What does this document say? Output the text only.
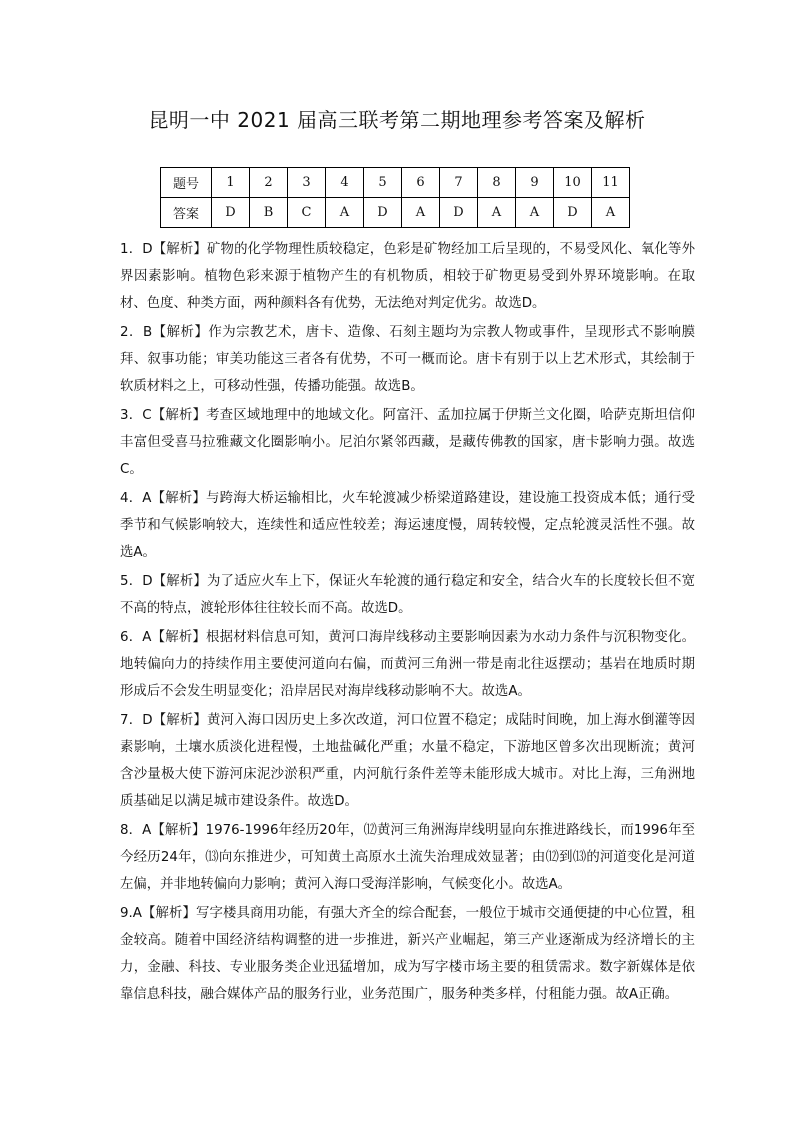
昆明一中 2021 届高三联考第二期地理参考答案及解析
题号	1	2	3	4	5	6	7	8	9	10	11
答案	D	B	C	A	D	A	D	A	A	D	A

1．D【解析】矿物的化学物理性质较稳定，色彩是矿物经加工后呈现的，不易受风化、氧化等外界因素影响。植物色彩来源于植物产生的有机物质，相较于矿物更易受到外界环境影响。在取材、色度、种类方面，两种颜料各有优势，无法绝对判定优劣。故选D。

2．B【解析】作为宗教艺术，唐卡、造像、石刻主题均为宗教人物或事件，呈现形式不影响膜拜、叙事功能；审美功能这三者各有优势，不可一概而论。唐卡有别于以上艺术形式，其绘制于软质材料之上，可移动性强，传播功能强。故选B。

3．C【解析】考查区域地理中的地域文化。阿富汗、孟加拉属于伊斯兰文化圈，哈萨克斯坦信仰丰富但受喜马拉雅藏文化圈影响小。尼泊尔紧邻西藏，是藏传佛教的国家，唐卡影响力强。故选C。

4．A【解析】与跨海大桥运输相比，火车轮渡减少桥梁道路建设，建设施工投资成本低；通行受季节和气候影响较大，连续性和适应性较差；海运速度慢，周转较慢，定点轮渡灵活性不强。故选A。

5．D【解析】为了适应火车上下，保证火车轮渡的通行稳定和安全，结合火车的长度较长但不宽不高的特点，渡轮形体往往较长而不高。故选D。

6．A【解析】根据材料信息可知，黄河口海岸线移动主要影响因素为水动力条件与沉积物变化。地转偏向力的持续作用主要使河道向右偏，而黄河三角洲一带是南北往返摆动；基岩在地质时期形成后不会发生明显变化；沿岸居民对海岸线移动影响不大。故选A。

7．D【解析】黄河入海口因历史上多次改道，河口位置不稳定；成陆时间晚，加上海水倒灌等因素影响，土壤水质淡化进程慢，土地盐碱化严重；水量不稳定，下游地区曾多次出现断流；黄河含沙量极大使下游河床泥沙淤积严重，内河航行条件差等未能形成大城市。对比上海，三角洲地质基础足以满足城市建设条件。故选D。

8．A【解析】1976-1996年经历20年，⑿黄河三角洲海岸线明显向东推进路线长，而1996年至今经历24年，⒀向东推进少，可知黄土高原水土流失治理成效显著；由⑿到⒀的河道变化是河道左偏，并非地转偏向力影响；黄河入海口受海洋影响，气候变化小。故选A。

9.A【解析】写字楼具商用功能，有强大齐全的综合配套，一般位于城市交通便捷的中心位置，租金较高。随着中国经济结构调整的进一步推进，新兴产业崛起，第三产业逐渐成为经济增长的主力，金融、科技、专业服务类企业迅猛增加，成为写字楼市场主要的租赁需求。数字新媒体是依靠信息科技，融合媒体产品的服务行业，业务范围广，服务种类多样，付租能力强。故A正确。
